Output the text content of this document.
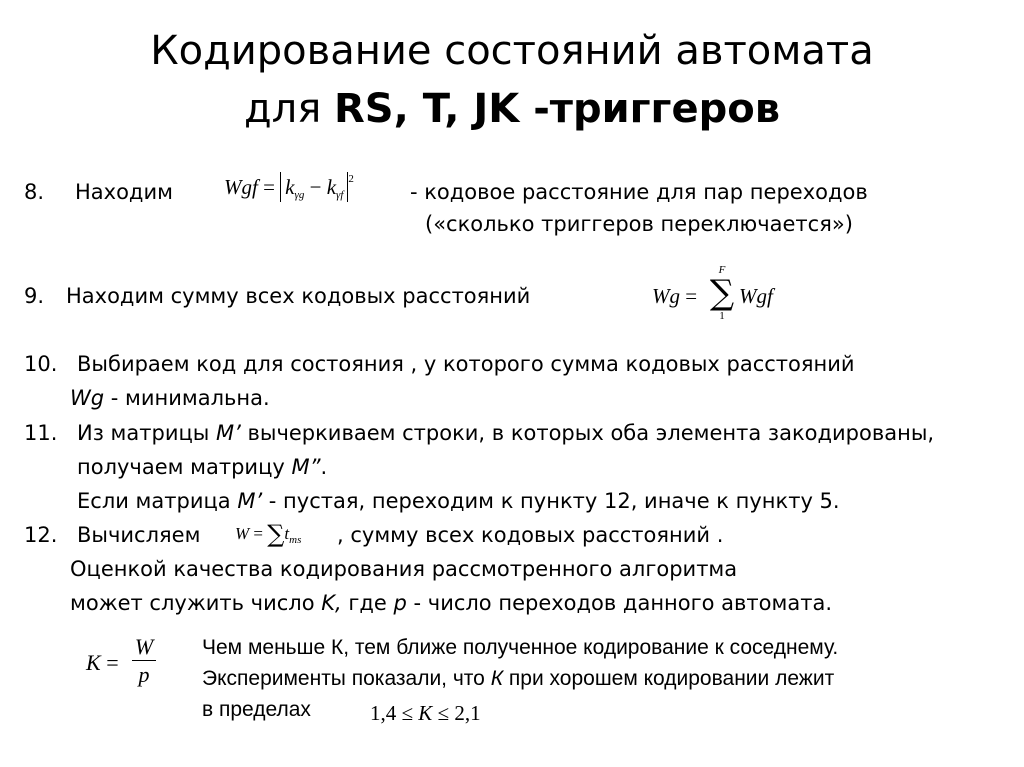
Кодирование состояний автомата
для RS, T, JK -триггеров
8. Находим Wgf = $k_{\gamma g} - k_{\gamma f}^2$
- кодовое расстояние для пар переходов
(«сколько триггеров переключается»)
9. Находим сумму всех кодовых расстояний	Wg =
F
∑
1
Wgf
10. Выбираем код для состояния , у которого сумма кодовых расстояний
Wg - минимальна.
11. Из матрицы M’ вычеркиваем строки, в которых оба элемента закодированы,
получаем матрицу M”.
Если матрица M’ - пустая, переходим к пункту 12, иначе к пункту 5.
12. Вычисляем $W = \sum t_{ms}$ , сумму всех кодовых расстояний .
Оценкой качества кодирования рассмотренного алгоритма
может служить число K, где p - число переходов данного автомата.
K =
W
p
Чем меньше К, тем ближе полученное кодирование к соседнему.
Эксперименты показали, что К при хорошем кодировании лежит
в пределах	1,4 ≤ K ≤ 2,1
